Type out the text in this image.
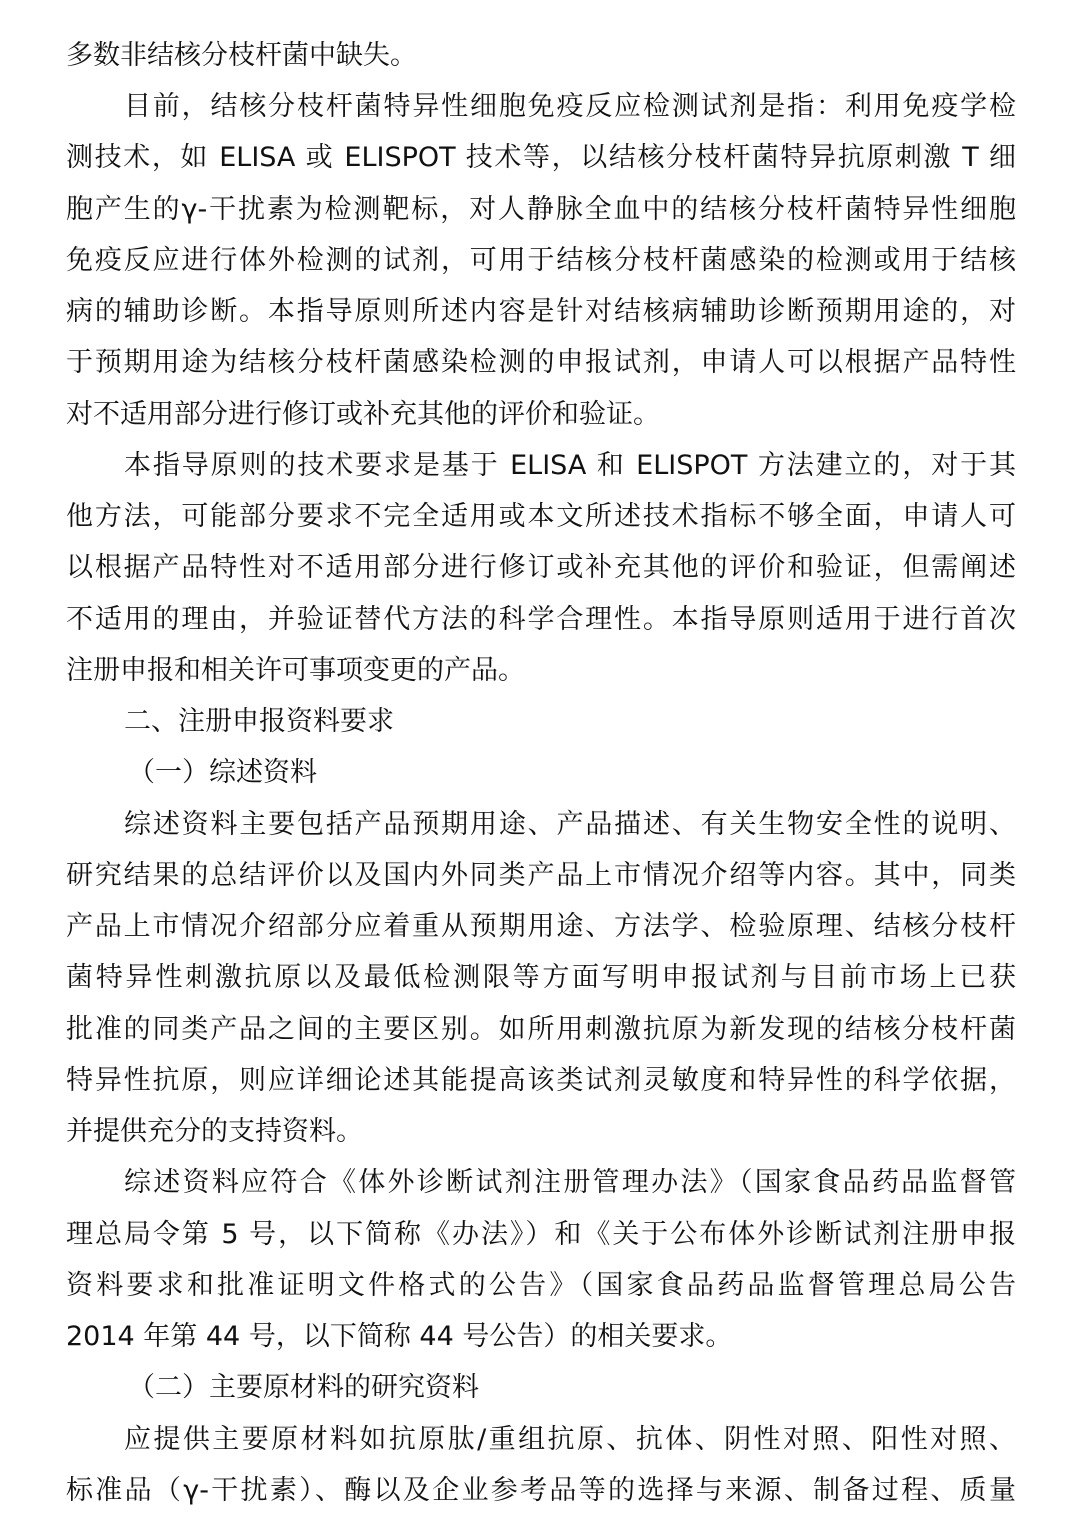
多数非结核分枝杆菌中缺失。
目前，结核分枝杆菌特异性细胞免疫反应检测试剂是指：利用免疫学检
测技术，如 ELISA 或 ELISPOT 技术等，以结核分枝杆菌特异抗原刺激 T 细
胞产生的γ-干扰素为检测靶标，对人静脉全血中的结核分枝杆菌特异性细胞
免疫反应进行体外检测的试剂，可用于结核分枝杆菌感染的检测或用于结核
病的辅助诊断。本指导原则所述内容是针对结核病辅助诊断预期用途的，对
于预期用途为结核分枝杆菌感染检测的申报试剂，申请人可以根据产品特性
对不适用部分进行修订或补充其他的评价和验证。
本指导原则的技术要求是基于 ELISA 和 ELISPOT 方法建立的，对于其
他方法，可能部分要求不完全适用或本文所述技术指标不够全面，申请人可
以根据产品特性对不适用部分进行修订或补充其他的评价和验证，但需阐述
不适用的理由，并验证替代方法的科学合理性。本指导原则适用于进行首次
注册申报和相关许可事项变更的产品。
二、注册申报资料要求
（一）综述资料
综述资料主要包括产品预期用途、产品描述、有关生物安全性的说明、
研究结果的总结评价以及国内外同类产品上市情况介绍等内容。其中，同类
产品上市情况介绍部分应着重从预期用途、方法学、检验原理、结核分枝杆
菌特异性刺激抗原以及最低检测限等方面写明申报试剂与目前市场上已获
批准的同类产品之间的主要区别。如所用刺激抗原为新发现的结核分枝杆菌
特异性抗原，则应详细论述其能提高该类试剂灵敏度和特异性的科学依据，
并提供充分的支持资料。
综述资料应符合《体外诊断试剂注册管理办法》（国家食品药品监督管
理总局令第 5 号，以下简称《办法》）和《关于公布体外诊断试剂注册申报
资料要求和批准证明文件格式的公告》（国家食品药品监督管理总局公告
2014 年第 44 号，以下简称 44 号公告）的相关要求。
（二）主要原材料的研究资料
应提供主要原材料如抗原肽/重组抗原、抗体、阴性对照、阳性对照、
标准品（γ-干扰素）、酶以及企业参考品等的选择与来源、制备过程、质量
